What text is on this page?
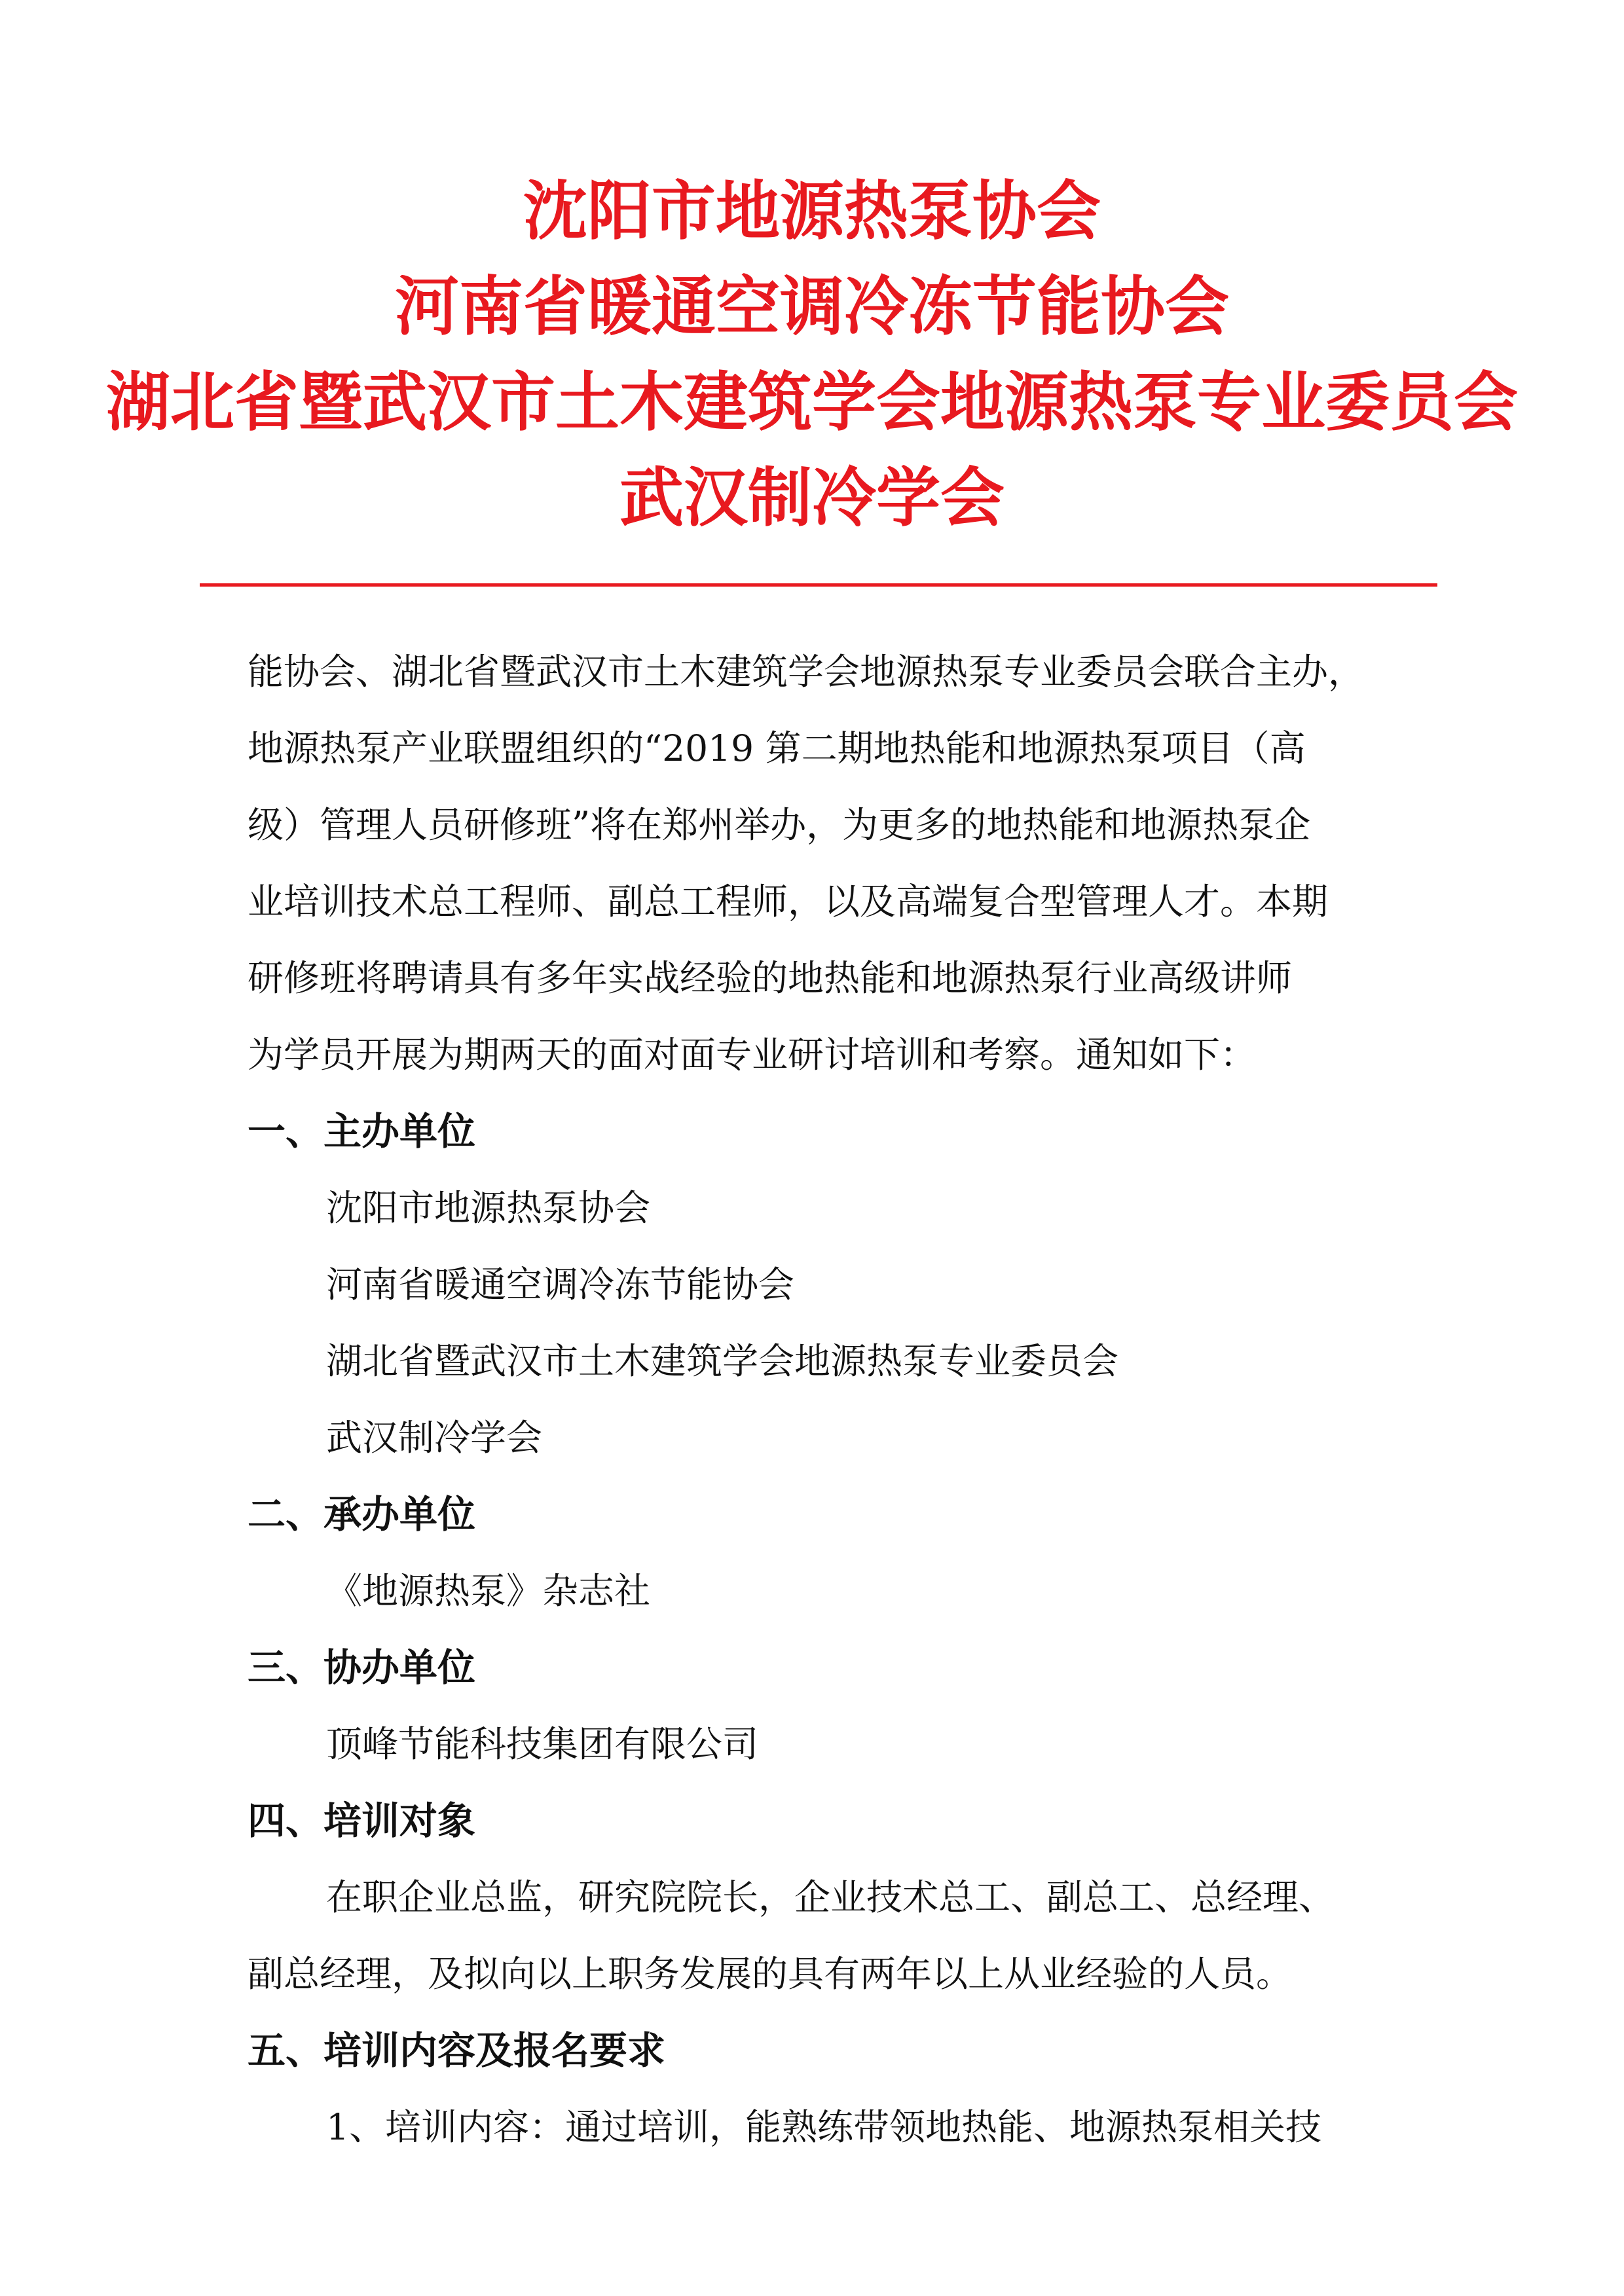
沈阳市地源热泵协会
河南省暖通空调冷冻节能协会
湖北省暨武汉市土木建筑学会地源热泵专业委员会
武汉制冷学会

能协会、湖北省暨武汉市土木建筑学会地源热泵专业委员会联合主办，

地源热泵产业联盟组织的“2019 第二期地热能和地源热泵项目（高

级）管理人员研修班”将在郑州举办，为更多的地热能和地源热泵企

业培训技术总工程师、副总工程师，以及高端复合型管理人才。本期

研修班将聘请具有多年实战经验的地热能和地源热泵行业高级讲师

为学员开展为期两天的面对面专业研讨培训和考察。通知如下：

一、主办单位

沈阳市地源热泵协会

河南省暖通空调冷冻节能协会

湖北省暨武汉市土木建筑学会地源热泵专业委员会

武汉制冷学会

二、承办单位

《地源热泵》杂志社

三、协办单位

顶峰节能科技集团有限公司

四、培训对象

在职企业总监，研究院院长，企业技术总工、副总工、总经理、

副总经理，及拟向以上职务发展的具有两年以上从业经验的人员。

五、培训内容及报名要求

1、培训内容：通过培训，能熟练带领地热能、地源热泵相关技
